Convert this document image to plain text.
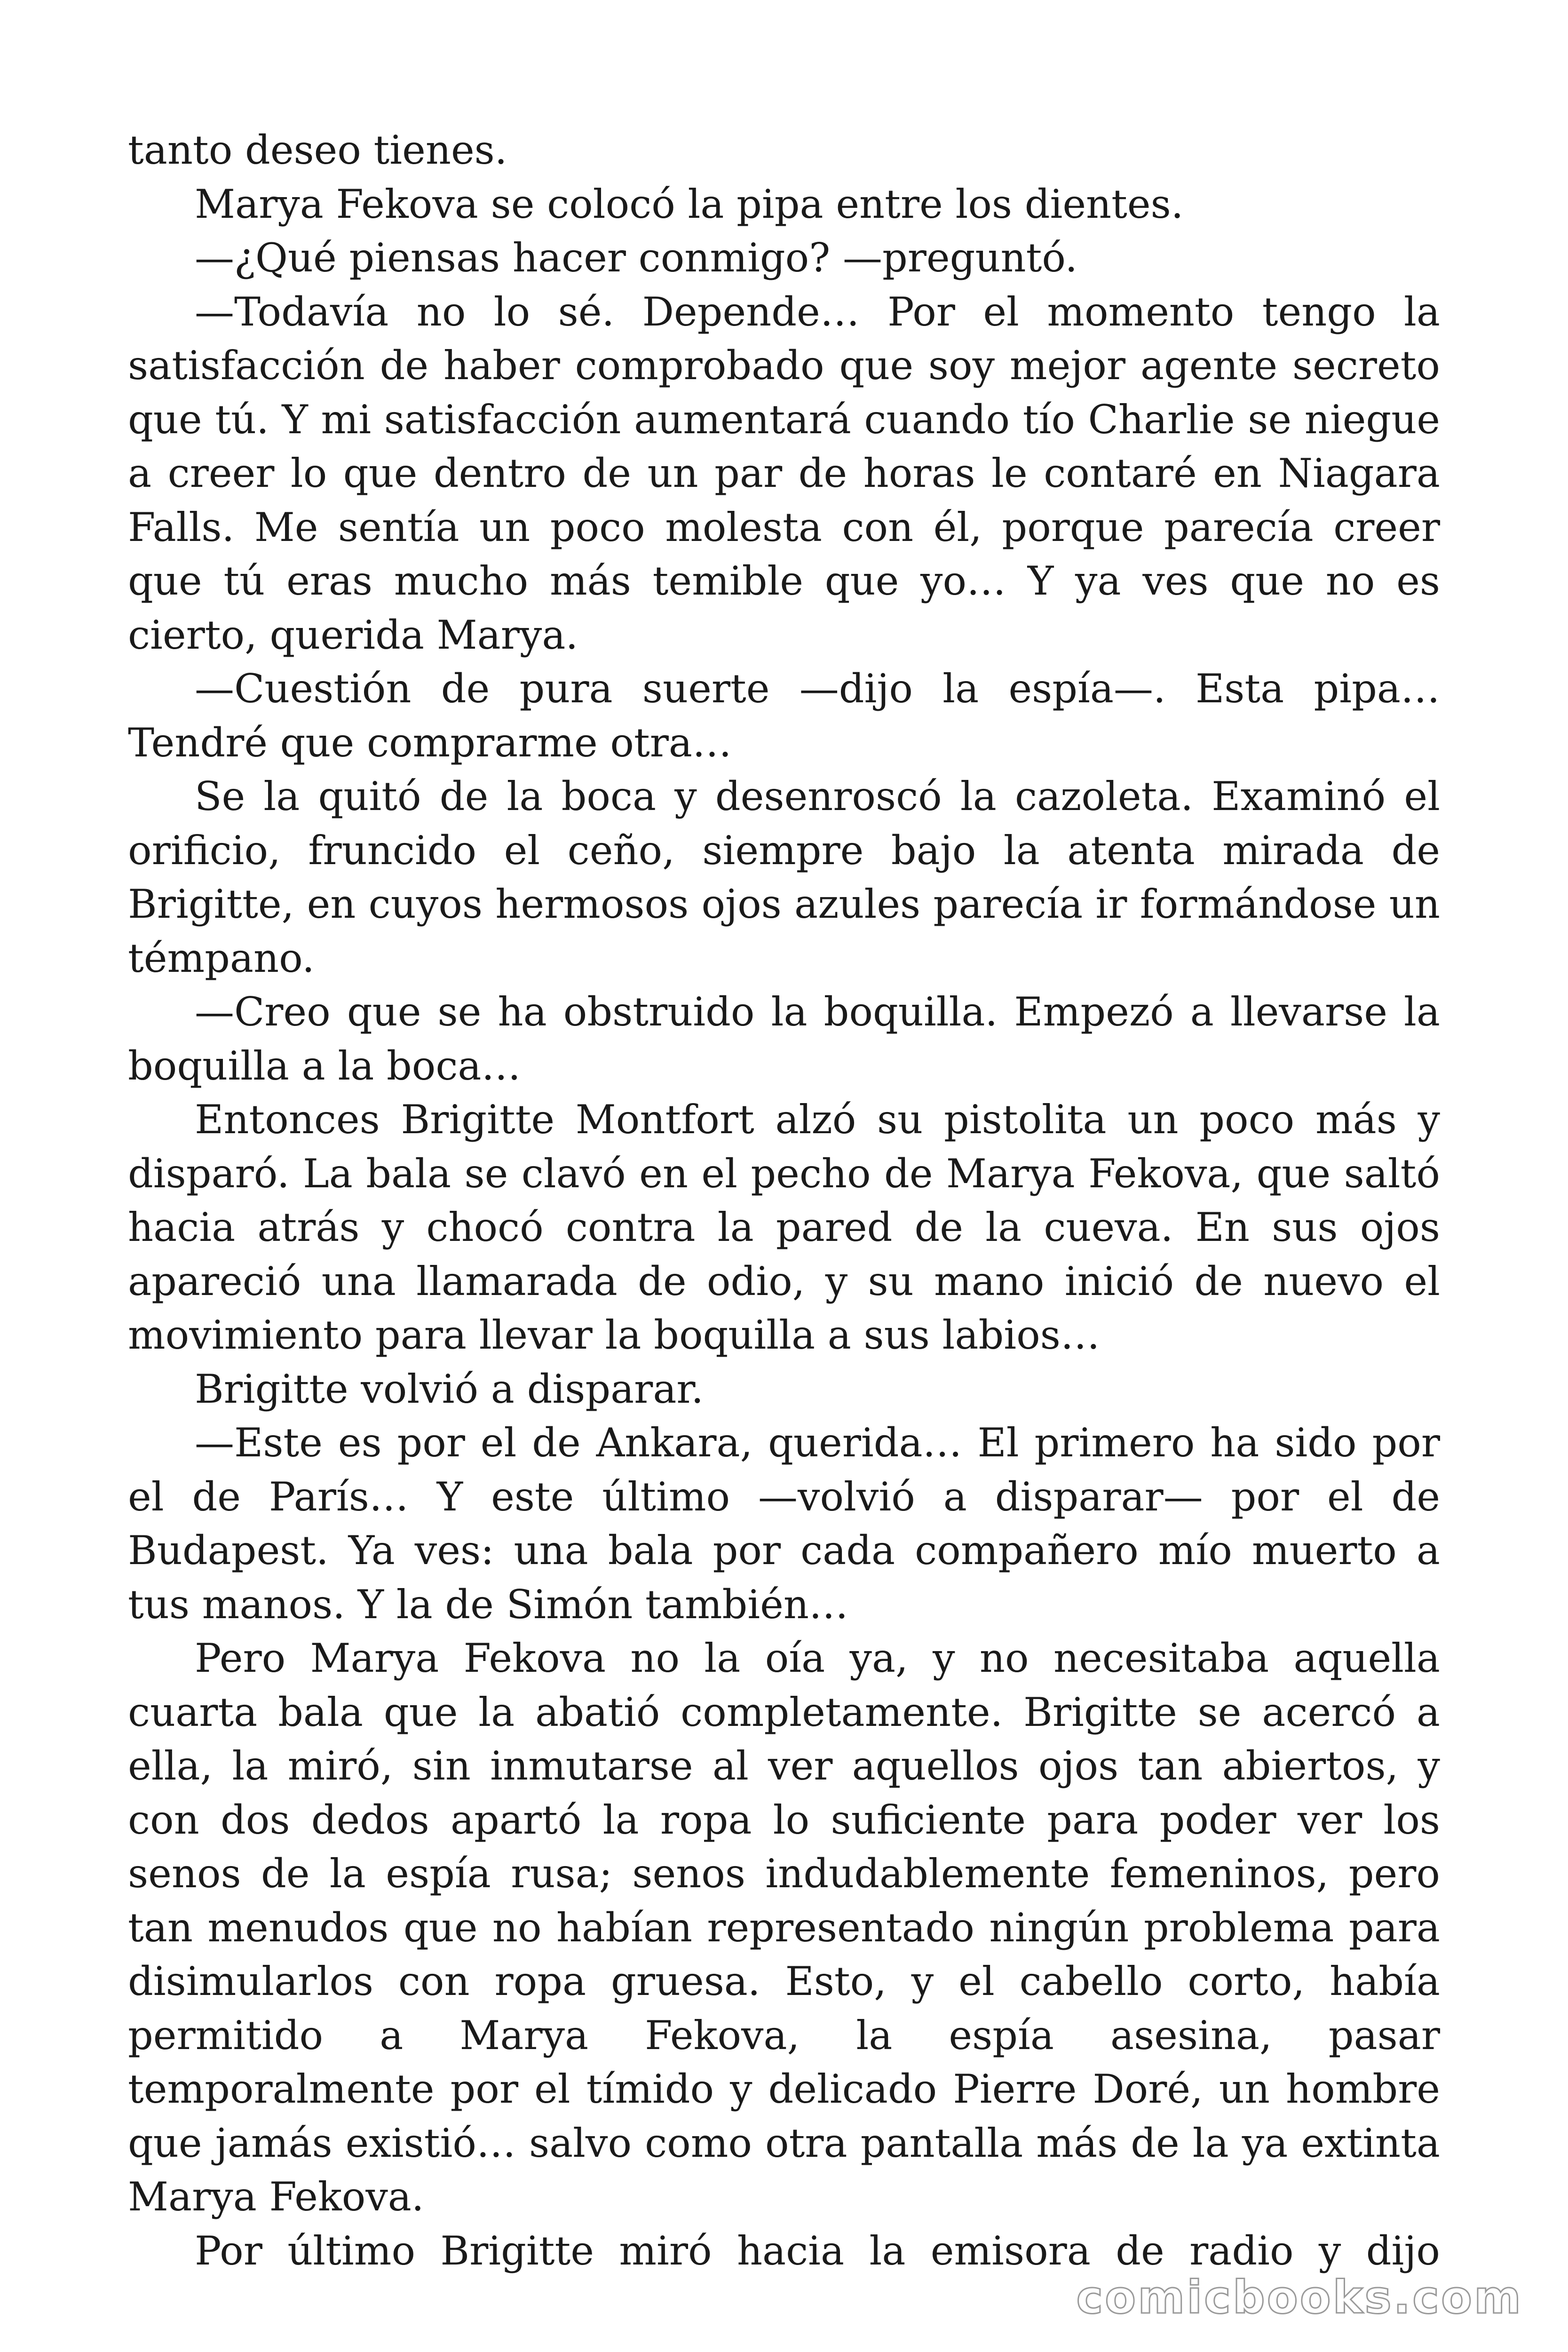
tanto deseo tienes.

Marya Fekova se colocó la pipa entre los dientes.

—¿Qué piensas hacer conmigo? —preguntó.

—Todavía no lo sé. Depende… Por el momento tengo la satisfacción de haber comprobado que soy mejor agente secreto que tú. Y mi satisfacción aumentará cuando tío Charlie se niegue a creer lo que dentro de un par de horas le contaré en Niagara Falls. Me sentía un poco molesta con él, porque parecía creer que tú eras mucho más temible que yo… Y ya ves que no es cierto, querida Marya.

—Cuestión de pura suerte —dijo la espía—. Esta pipa… Tendré que comprarme otra…

Se la quitó de la boca y desenroscó la cazoleta. Examinó el orificio, fruncido el ceño, siempre bajo la atenta mirada de Brigitte, en cuyos hermosos ojos azules parecía ir formándose un témpano.

—Creo que se ha obstruido la boquilla. Empezó a llevarse la boquilla a la boca…

Entonces Brigitte Montfort alzó su pistolita un poco más y disparó. La bala se clavó en el pecho de Marya Fekova, que saltó hacia atrás y chocó contra la pared de la cueva. En sus ojos apareció una llamarada de odio, y su mano inició de nuevo el movimiento para llevar la boquilla a sus labios…

Brigitte volvió a disparar.

—Este es por el de Ankara, querida… El primero ha sido por el de París… Y este último —volvió a disparar— por el de Budapest. Ya ves: una bala por cada compañero mío muerto a tus manos. Y la de Simón también…

Pero Marya Fekova no la oía ya, y no necesitaba aquella cuarta bala que la abatió completamente. Brigitte se acercó a ella, la miró, sin inmutarse al ver aquellos ojos tan abiertos, y con dos dedos apartó la ropa lo suficiente para poder ver los senos de la espía rusa; senos indudablemente femeninos, pero tan menudos que no habían representado ningún problema para disimularlos con ropa gruesa. Esto, y el cabello corto, había permitido a Marya Fekova, la espía asesina, pasar temporalmente por el tímido y delicado Pierre Doré, un hombre que jamás existió… salvo como otra pantalla más de la ya extinta Marya Fekova.

Por último Brigitte miró hacia la emisora de radio y dijo

comicbooks.com
